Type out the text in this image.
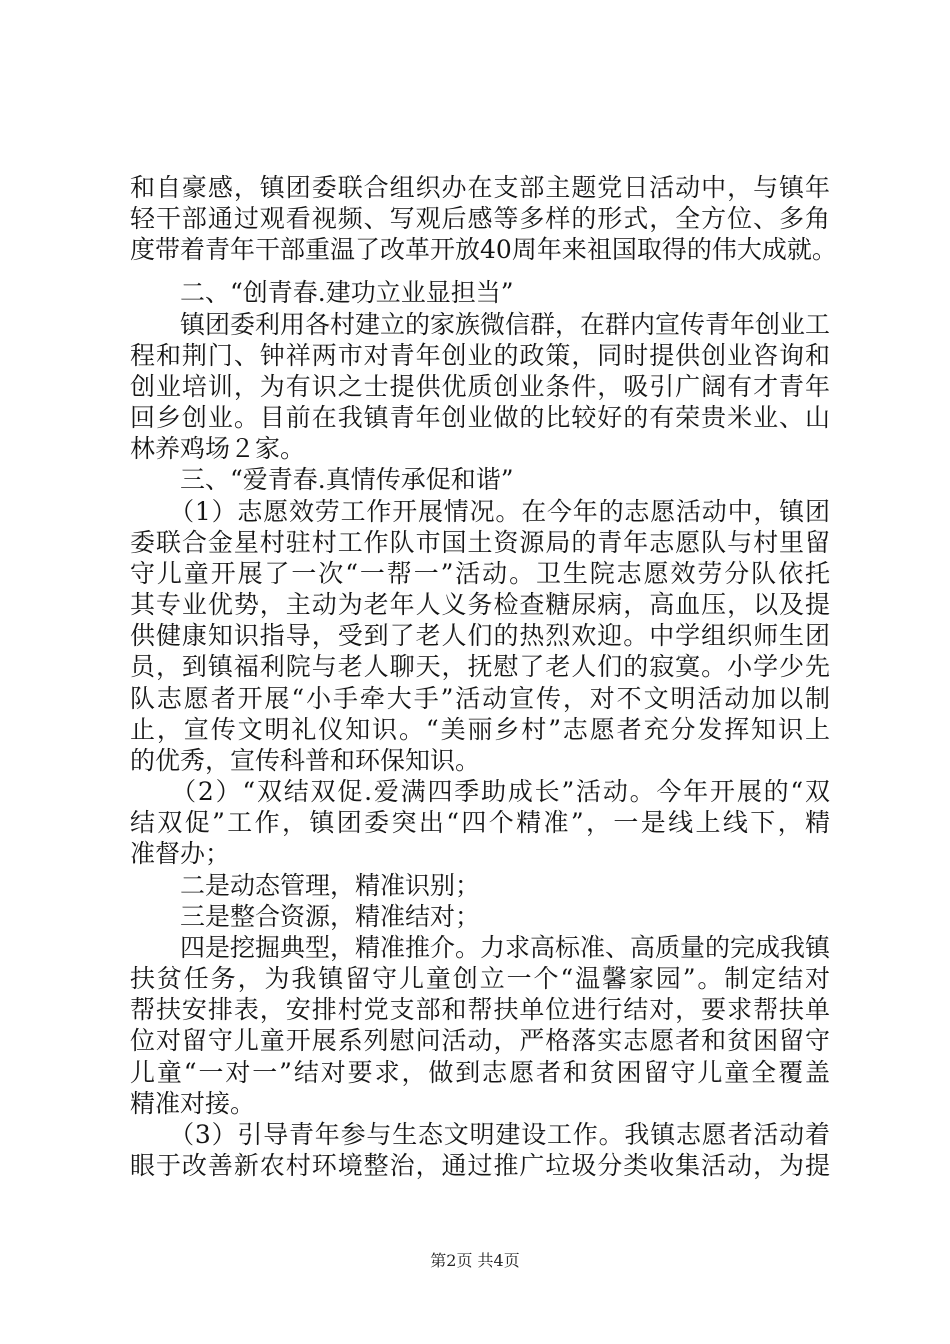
和自豪感，镇团委联合组织办在支部主题党日活动中，与镇年
轻干部通过观看视频、写观后感等多样的形式，全方位、多角
度带着青年干部重温了改革开放40周年来祖国取得的伟大成就。
　　二、“创青春.建功立业显担当”
　　镇团委利用各村建立的家族微信群，在群内宣传青年创业工
程和荆门、钟祥两市对青年创业的政策，同时提供创业咨询和
创业培训，为有识之士提供优质创业条件，吸引广阔有才青年
回乡创业。目前在我镇青年创业做的比较好的有荣贵米业、山
林养鸡场２家。
　　三、“爱青春.真情传承促和谐”
　　（1）志愿效劳工作开展情况。在今年的志愿活动中，镇团
委联合金星村驻村工作队市国土资源局的青年志愿队与村里留
守儿童开展了一次“一帮一”活动。卫生院志愿效劳分队依托
其专业优势，主动为老年人义务检查糖尿病，高血压，以及提
供健康知识指导，受到了老人们的热烈欢迎。中学组织师生团
员，到镇福利院与老人聊天，抚慰了老人们的寂寞。小学少先
队志愿者开展“小手牵大手”活动宣传，对不文明活动加以制
止，宣传文明礼仪知识。“美丽乡村”志愿者充分发挥知识上
的优秀，宣传科普和环保知识。
　　（2）“双结双促.爱满四季助成长”活动。今年开展的“双
结双促”工作，镇团委突出“四个精准”，一是线上线下，精
准督办；
　　二是动态管理，精准识别；
　　三是整合资源，精准结对；
　　四是挖掘典型，精准推介。力求高标准、高质量的完成我镇
扶贫任务，为我镇留守儿童创立一个“温馨家园”。制定结对
帮扶安排表，安排村党支部和帮扶单位进行结对，要求帮扶单
位对留守儿童开展系列慰问活动，严格落实志愿者和贫困留守
儿童“一对一”结对要求，做到志愿者和贫困留守儿童全覆盖
精准对接。
　　（3）引导青年参与生态文明建设工作。我镇志愿者活动着
眼于改善新农村环境整治，通过推广垃圾分类收集活动，为提
第2页 共4页
